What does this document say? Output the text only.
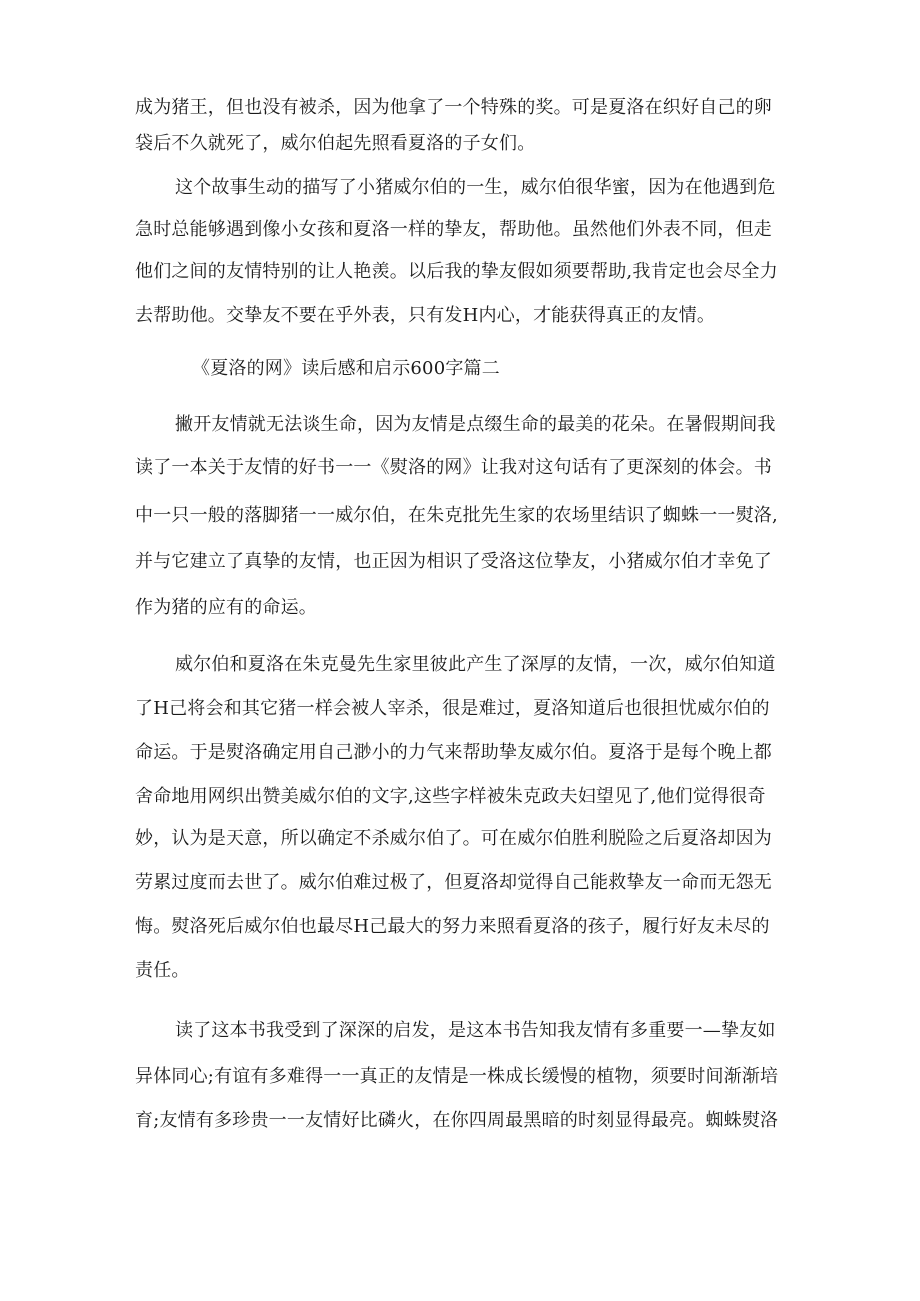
成为猪王，但也没有被杀，因为他拿了一个特殊的奖。可是夏洛在织好自己的卵
袋后不久就死了，威尔伯起先照看夏洛的子女们。
这个故事生动的描写了小猪威尔伯的一生，威尔伯很华蜜，因为在他遇到危
急时总能够遇到像小女孩和夏洛一样的挚友，帮助他。虽然他们外表不同，但走
他们之间的友情特别的让人艳羡。以后我的挚友假如须要帮助,我肯定也会尽全力
去帮助他。交挚友不要在乎外表，只有发H内心，才能获得真正的友情。
《夏洛的网》读后感和启示600字篇二
撇开友情就无法谈生命，因为友情是点缀生命的最美的花朵。在暑假期间我
读了一本关于友情的好书一一《熨洛的网》让我对这句话有了更深刻的体会。书
中一只一般的落脚猪一一威尔伯，在朱克批先生家的农场里结识了蜘蛛一一熨洛,
并与它建立了真挚的友情，也正因为相识了受洛这位挚友，小猪威尔伯才幸免了
作为猪的应有的命运。
威尔伯和夏洛在朱克曼先生家里彼此产生了深厚的友情，一次，威尔伯知道
了H己将会和其它猪一样会被人宰杀，很是难过，夏洛知道后也很担忧威尔伯的
命运。于是熨洛确定用自己渺小的力气来帮助挚友威尔伯。夏洛于是每个晚上都
舍命地用网织出赞美威尔伯的文字,这些字样被朱克政夫妇望见了,他们觉得很奇
妙，认为是天意，所以确定不杀威尔伯了。可在威尔伯胜利脱险之后夏洛却因为
劳累过度而去世了。威尔伯难过极了，但夏洛却觉得自己能救挚友一命而无怨无
悔。熨洛死后威尔伯也最尽H己最大的努力来照看夏洛的孩子，履行好友未尽的
责任。
读了这本书我受到了深深的启发，是这本书告知我友情有多重要一—挚友如
异体同心;有谊有多难得一一真正的友情是一株成长缓慢的植物，须要时间渐渐培
育;友情有多珍贵一一友情好比磷火，在你四周最黑暗的时刻显得最亮。蜘蛛熨洛
